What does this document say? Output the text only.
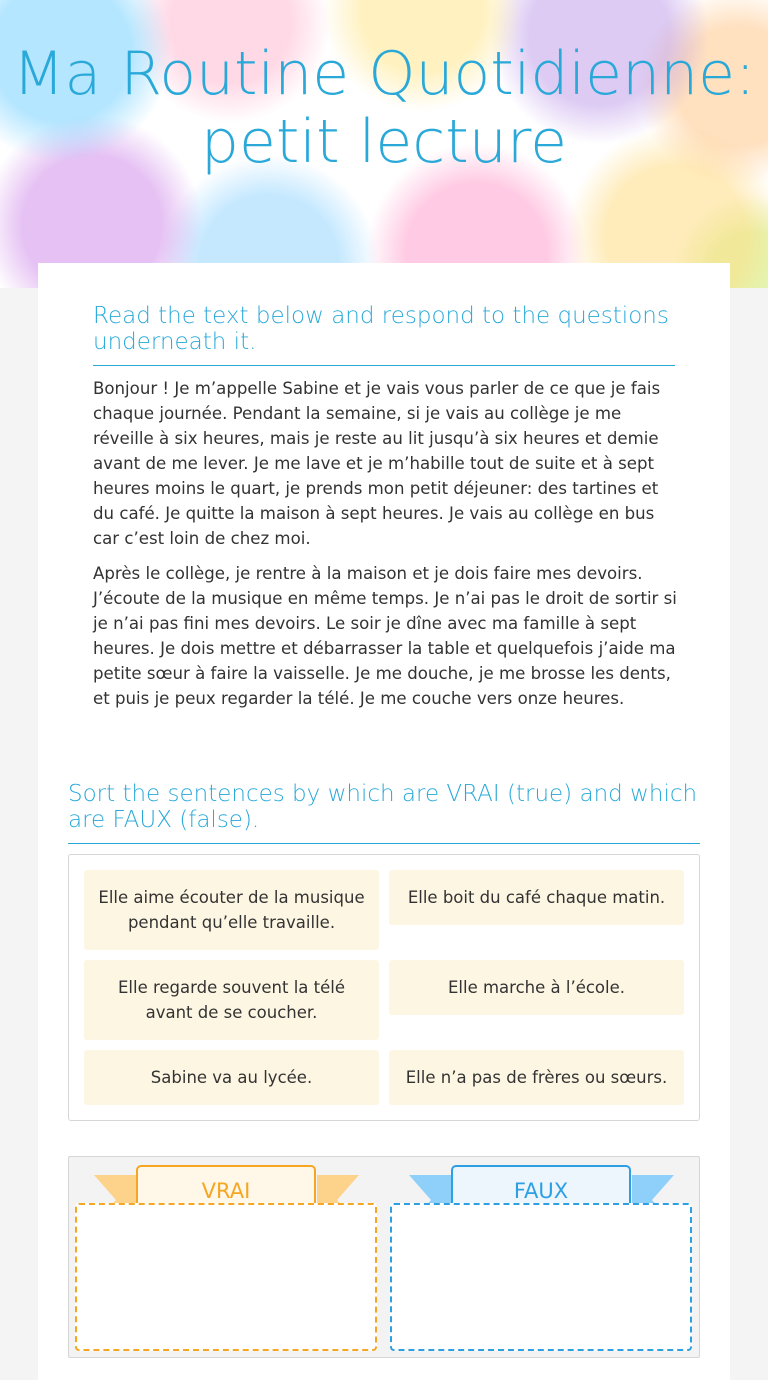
Ma Routine Quotidienne: petit lecture
Read the text below and respond to the questions underneath it.

Bonjour ! Je m’appelle Sabine et je vais vous parler de ce que je fais chaque journée. Pendant la semaine, si je vais au collège je me réveille à six heures, mais je reste au lit jusqu’à six heures et demie avant de me lever. Je me lave et je m’habille tout de suite et à sept heures moins le quart, je prends mon petit déjeuner: des tartines et du café. Je quitte la maison à sept heures. Je vais au collège en bus car c’est loin de chez moi.

Après le collège, je rentre à la maison et je dois faire mes devoirs. J’écoute de la musique en même temps. Je n’ai pas le droit de sortir si je n’ai pas fini mes devoirs. Le soir je dîne avec ma famille à sept heures. Je dois mettre et débarrasser la table et quelquefois j’aide ma petite sœur à faire la vaisselle. Je me douche, je me brosse les dents, et puis je peux regarder la télé. Je me couche vers onze heures.

Sort the sentences by which are VRAI (true) and which are FAUX (false).
Elle aime écouter de la musique pendant qu’elle travaille.
Elle boit du café chaque matin.
Elle regarde souvent la télé avant de se coucher.
Elle marche à l’école.
Sabine va au lycée.	Elle n’a pas de frères ou sœurs.
VRAI	FAUX
